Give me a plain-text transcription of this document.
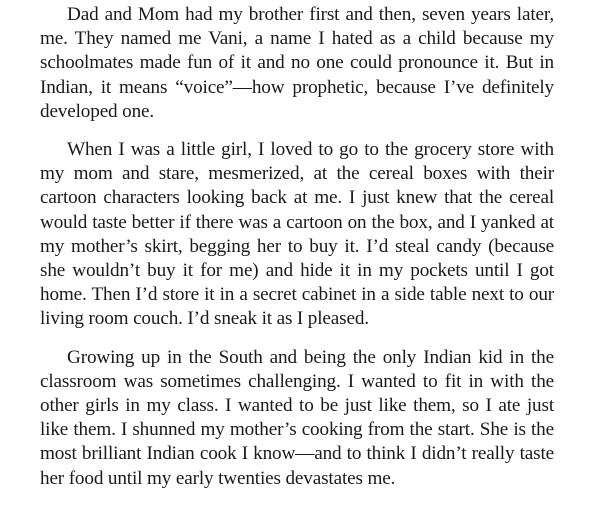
Dad and Mom had my brother first and then, seven years later, me. They named me Vani, a name I hated as a child because my schoolmates made fun of it and no one could pronounce it. But in Indian, it means “voice”—how prophetic, because I’ve definitely developed one.

When I was a little girl, I loved to go to the grocery store with my mom and stare, mesmerized, at the cereal boxes with their cartoon characters looking back at me. I just knew that the cereal would taste better if there was a cartoon on the box, and I yanked at my mother’s skirt, begging her to buy it. I’d steal candy (because she wouldn’t buy it for me) and hide it in my pockets until I got home. Then I’d store it in a secret cabinet in a side table next to our living room couch. I’d sneak it as I pleased.

Growing up in the South and being the only Indian kid in the classroom was sometimes challenging. I wanted to fit in with the other girls in my class. I wanted to be just like them, so I ate just like them. I shunned my mother’s cooking from the start. She is the most brilliant Indian cook I know—and to think I didn’t really taste her food until my early twenties devastates me.
